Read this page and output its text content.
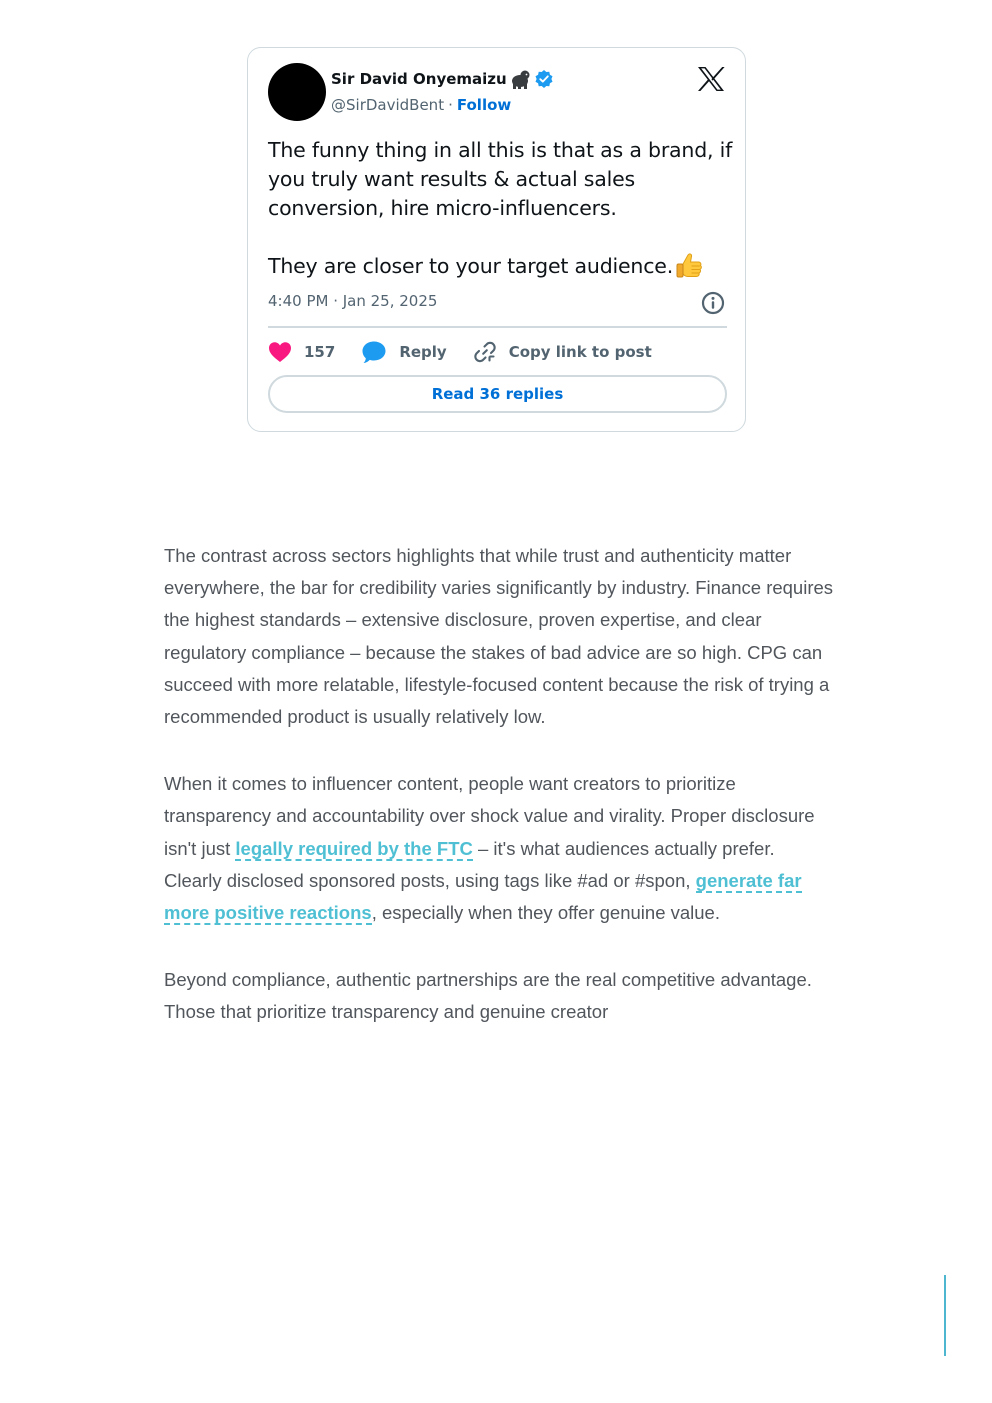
Sir David Onyemaizu
@SirDavidBent · Follow

The funny thing in all this is that as a brand, if you truly want results & actual sales conversion, hire micro-influencers.

They are closer to your target audience.

4:40 PM · Jan 25, 2025
157	Reply	Copy link to post
Read 36 replies

The contrast across sectors highlights that while trust and authenticity matter everywhere, the bar for credibility varies significantly by industry. Finance requires the highest standards – extensive disclosure, proven expertise, and clear regulatory compliance – because the stakes of bad advice are so high. CPG can succeed with more relatable, lifestyle-focused content because the risk of trying a recommended product is usually relatively low.

When it comes to influencer content, people want creators to prioritize transparency and accountability over shock value and virality. Proper disclosure isn't just legally required by the FTC – it's what audiences actually prefer. Clearly disclosed sponsored posts, using tags like #ad or #spon, generate far more positive reactions, especially when they offer genuine value.

Beyond compliance, authentic partnerships are the real competitive advantage. Those that prioritize transparency and genuine creator
